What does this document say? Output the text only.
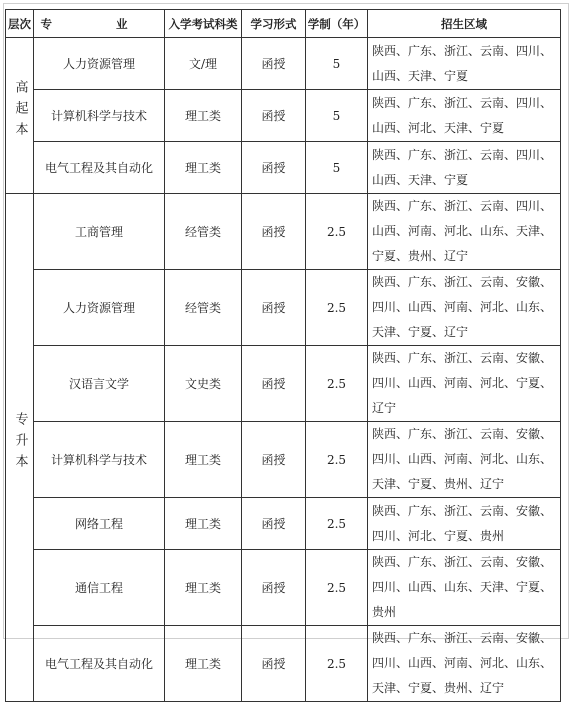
层次	专 业	入学考试科类	学习形式	学制（年）	招生区域
高起本	人力资源管理	文/理	函授	5	陕西、广东、浙江、云南、四川、山西、天津、宁夏
	计算机科学与技术	理工类	函授	5	陕西、广东、浙江、云南、四川、山西、河北、天津、宁夏
	电气工程及其自动化	理工类	函授	5	陕西、广东、浙江、云南、四川、山西、天津、宁夏
专升本	工商管理	经管类	函授	2.5	陕西、广东、浙江、云南、四川、山西、河南、河北、山东、天津、宁夏、贵州、辽宁
	人力资源管理	经管类	函授	2.5	陕西、广东、浙江、云南、安徽、四川、山西、河南、河北、山东、天津、宁夏、辽宁
	汉语言文学	文史类	函授	2.5	陕西、广东、浙江、云南、安徽、四川、山西、河南、河北、宁夏、辽宁
	计算机科学与技术	理工类	函授	2.5	陕西、广东、浙江、云南、安徽、四川、山西、河南、河北、山东、天津、宁夏、贵州、辽宁
	网络工程	理工类	函授	2.5	陕西、广东、浙江、云南、安徽、四川、河北、宁夏、贵州
	通信工程	理工类	函授	2.5	陕西、广东、浙江、云南、安徽、四川、山西、山东、天津、宁夏、贵州
	电气工程及其自动化	理工类	函授	2.5	陕西、广东、浙江、云南、安徽、四川、山西、河南、河北、山东、天津、宁夏、贵州、辽宁
